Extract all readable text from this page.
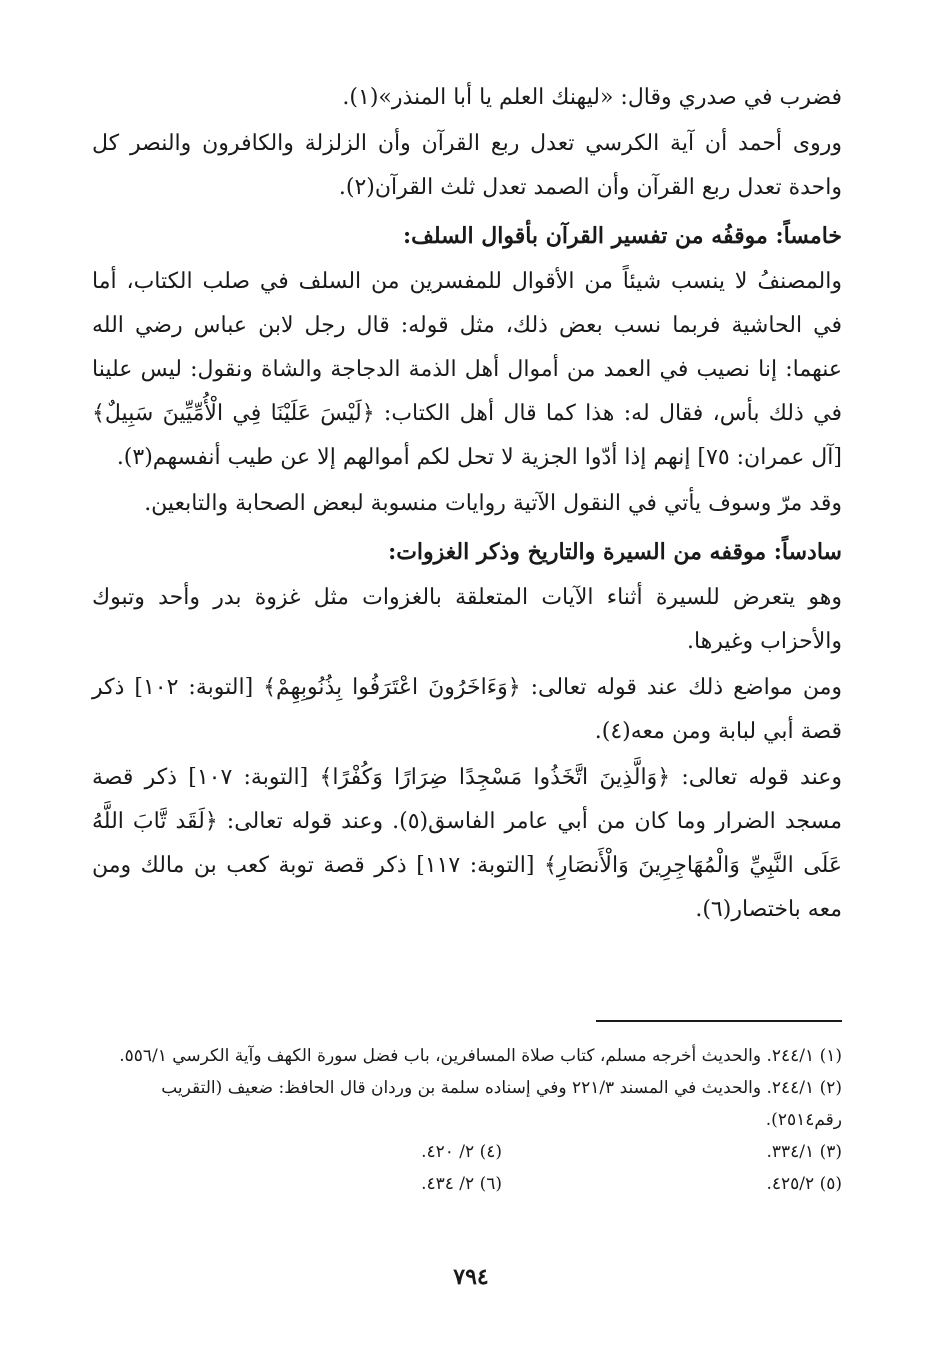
فضرب في صدري وقال: «ليهنك العلم يا أبا المنذر»(١).

وروى أحمد أن آية الكرسي تعدل ربع القرآن وأن الزلزلة والكافرون والنصر كل واحدة تعدل ربع القرآن وأن الصمد تعدل ثلث القرآن(٢).

خامساً: موقفُه من تفسير القرآن بأقوال السلف:

والمصنفُ لا ينسب شيئاً من الأقوال للمفسرين من السلف في صلب الكتاب، أما في الحاشية فربما نسب بعض ذلك، مثل قوله: قال رجل لابن عباس رضي الله عنهما: إنا نصيب في العمد من أموال أهل الذمة الدجاجة والشاة ونقول: ليس علينا في ذلك بأس، فقال له: هذا كما قال أهل الكتاب: ﴿لَيْسَ عَلَيْنَا فِي الْأُمِّيِّينَ سَبِيلٌ﴾ [آل عمران: ٧٥] إنهم إذا أدّوا الجزية لا تحل لكم أموالهم إلا عن طيب أنفسهم(٣).

وقد مرّ وسوف يأتي في النقول الآتية روايات منسوبة لبعض الصحابة والتابعين.

سادساً: موقفه من السيرة والتاريخ وذكر الغزوات:

وهو يتعرض للسيرة أثناء الآيات المتعلقة بالغزوات مثل غزوة بدر وأحد وتبوك والأحزاب وغيرها.

ومن مواضع ذلك عند قوله تعالى: ﴿وَءَاخَرُونَ اعْتَرَفُوا بِذُنُوبِهِمْ﴾ [التوبة: ١٠٢] ذكر قصة أبي لبابة ومن معه(٤).

وعند قوله تعالى: ﴿وَالَّذِينَ اتَّخَذُوا مَسْجِدًا ضِرَارًا وَكُفْرًا﴾ [التوبة: ١٠٧] ذكر قصة مسجد الضرار وما كان من أبي عامر الفاسق(٥). وعند قوله تعالى: ﴿لَقَد تَّابَ اللَّهُ عَلَى النَّبِيِّ وَالْمُهَاجِرِينَ وَالْأَنصَارِ﴾ [التوبة: ١١٧] ذكر قصة توبة كعب بن مالك ومن معه باختصار(٦).

(١) ٢٤٤/١. والحديث أخرجه مسلم، كتاب صلاة المسافرين، باب فضل سورة الكهف وآية الكرسي ٥٥٦/١.

(٢) ٢٤٤/١. والحديث في المسند ٢٢١/٣ وفي إسناده سلمة بن وردان قال الحافظ: ضعيف (التقريب رقم٢٥١٤).

(٣) ٣٣٤/١.
(٤) ٢/ ٤٢٠.
(٥) ٤٢٥/٢.
(٦) ٢/ ٤٣٤.
٧٩٤
